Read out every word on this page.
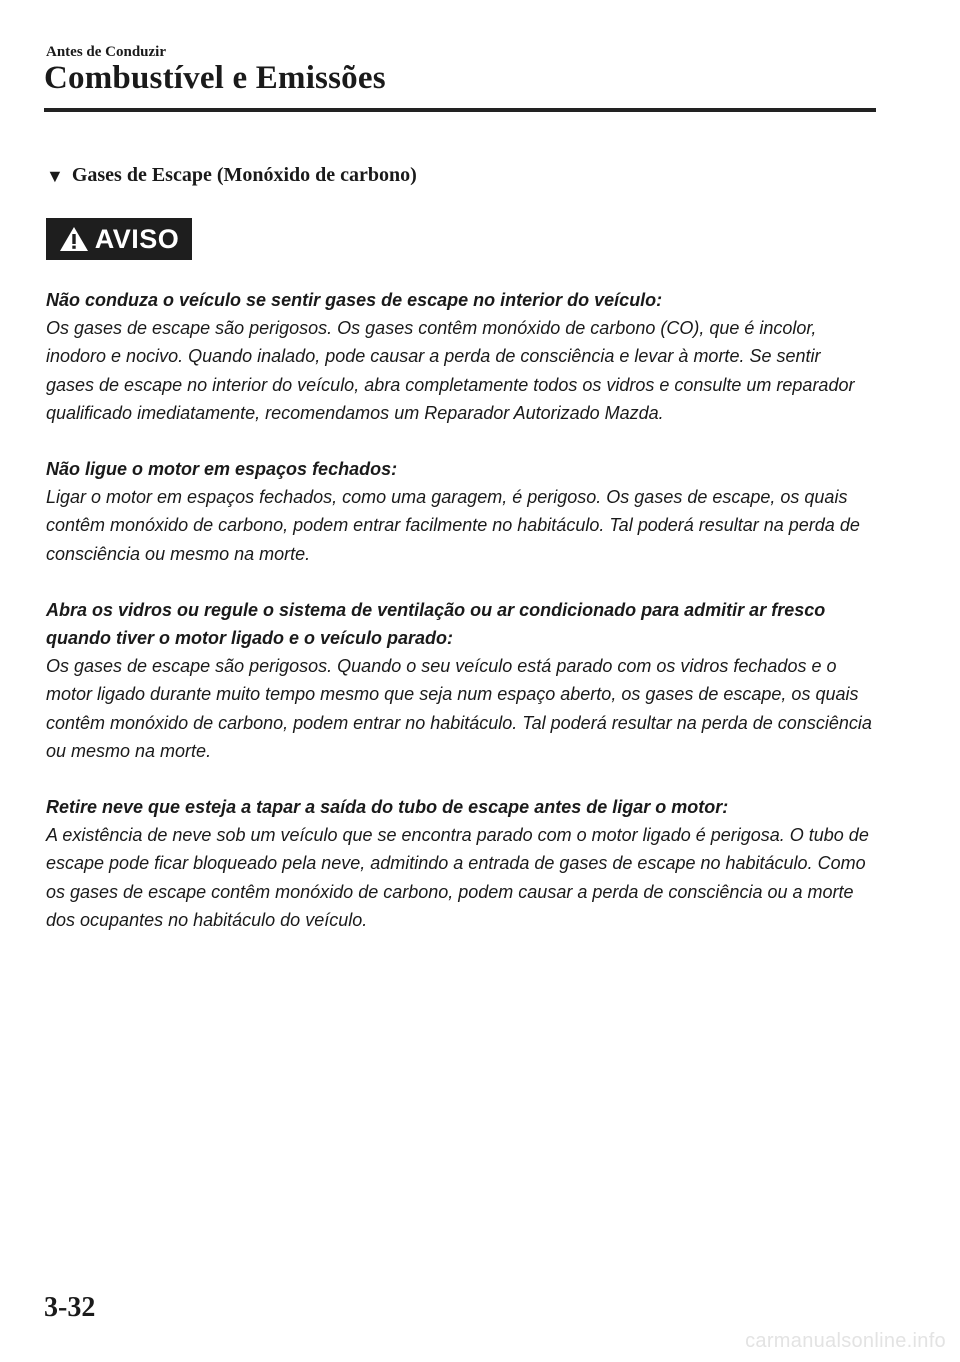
Antes de Conduzir
Combustível e Emissões
▼ Gases de Escape (Monóxido de carbono)
AVISO

Não conduza o veículo se sentir gases de escape no interior do veículo:

Os gases de escape são perigosos. Os gases contêm monóxido de carbono (CO), que é incolor, inodoro e nocivo. Quando inalado, pode causar a perda de consciência e levar à morte. Se sentir gases de escape no interior do veículo, abra completamente todos os vidros e consulte um reparador qualificado imediatamente, recomendamos um Reparador Autorizado Mazda.

Não ligue o motor em espaços fechados:

Ligar o motor em espaços fechados, como uma garagem, é perigoso. Os gases de escape, os quais contêm monóxido de carbono, podem entrar facilmente no habitáculo. Tal poderá resultar na perda de consciência ou mesmo na morte.

Abra os vidros ou regule o sistema de ventilação ou ar condicionado para admitir ar fresco quando tiver o motor ligado e o veículo parado:

Os gases de escape são perigosos. Quando o seu veículo está parado com os vidros fechados e o motor ligado durante muito tempo mesmo que seja num espaço aberto, os gases de escape, os quais contêm monóxido de carbono, podem entrar no habitáculo. Tal poderá resultar na perda de consciência ou mesmo na morte.

Retire neve que esteja a tapar a saída do tubo de escape antes de ligar o motor:

A existência de neve sob um veículo que se encontra parado com o motor ligado é perigosa. O tubo de escape pode ficar bloqueado pela neve, admitindo a entrada de gases de escape no habitáculo. Como os gases de escape contêm monóxido de carbono, podem causar a perda de consciência ou a morte dos ocupantes no habitáculo do veículo.

3-32
carmanualsonline.info
